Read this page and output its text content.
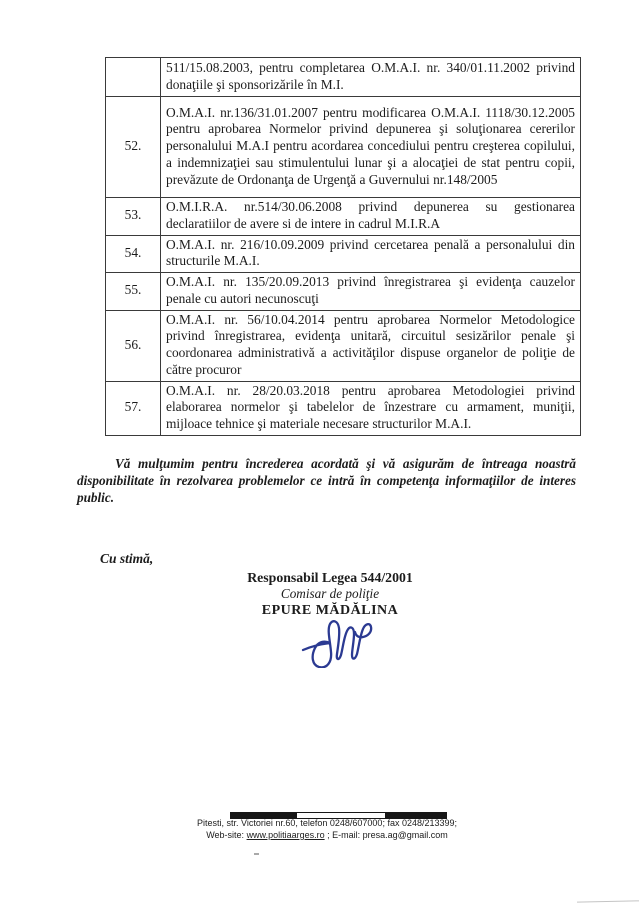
	511/15.08.2003, pentru completarea O.M.A.I. nr. 340/01.11.2002 privind donaţiile şi sponsorizările în M.I.
52.	O.M.A.I. nr.136/31.01.2007 pentru modificarea O.M.A.I. 1118/30.12.2005 pentru aprobarea Normelor privind depunerea şi soluţionarea cererilor personalului M.A.I pentru acordarea concediului pentru creşterea copilului, a indemnizaţiei sau stimulentului lunar şi a alocaţiei de stat pentru copii, prevăzute de Ordonanţa de Urgenţă a Guvernului nr.148/2005
53.	O.M.I.R.A. nr.514/30.06.2008 privind depunerea su gestionarea declaratiilor de avere si de intere in cadrul M.I.R.A
54.	O.M.A.I. nr. 216/10.09.2009 privind cercetarea penală a personalului din structurile M.A.I.
55.	O.M.A.I. nr. 135/20.09.2013 privind înregistrarea şi evidenţa cauzelor penale cu autori necunoscuţi
56.	O.M.A.I. nr. 56/10.04.2014 pentru aprobarea Normelor Metodologice privind înregistrarea, evidenţa unitară, circuitul sesizărilor penale şi coordonarea administrativă a activităţilor dispuse organelor de poliţie de către procuror
57.	O.M.A.I. nr. 28/20.03.2018 pentru aprobarea Metodologiei privind elaborarea normelor şi tabelelor de înzestrare cu armament, muniţii, mijloace tehnice şi materiale necesare structurilor M.A.I.
Vă mulţumim pentru încrederea acordată şi vă asigurăm de întreaga noastră disponibilitate în rezolvarea problemelor ce intră în competenţa informaţiilor de interes public.
Cu stimă,
Responsabil Legea 544/2001
Comisar de poliţie
EPURE MĂDĂLINA
Pitesti, str. Victoriei nr.60, telefon 0248/607000; fax 0248/213399;
Web-site: www.politiaarges.ro ; E-mail: presa.ag@gmail.com
